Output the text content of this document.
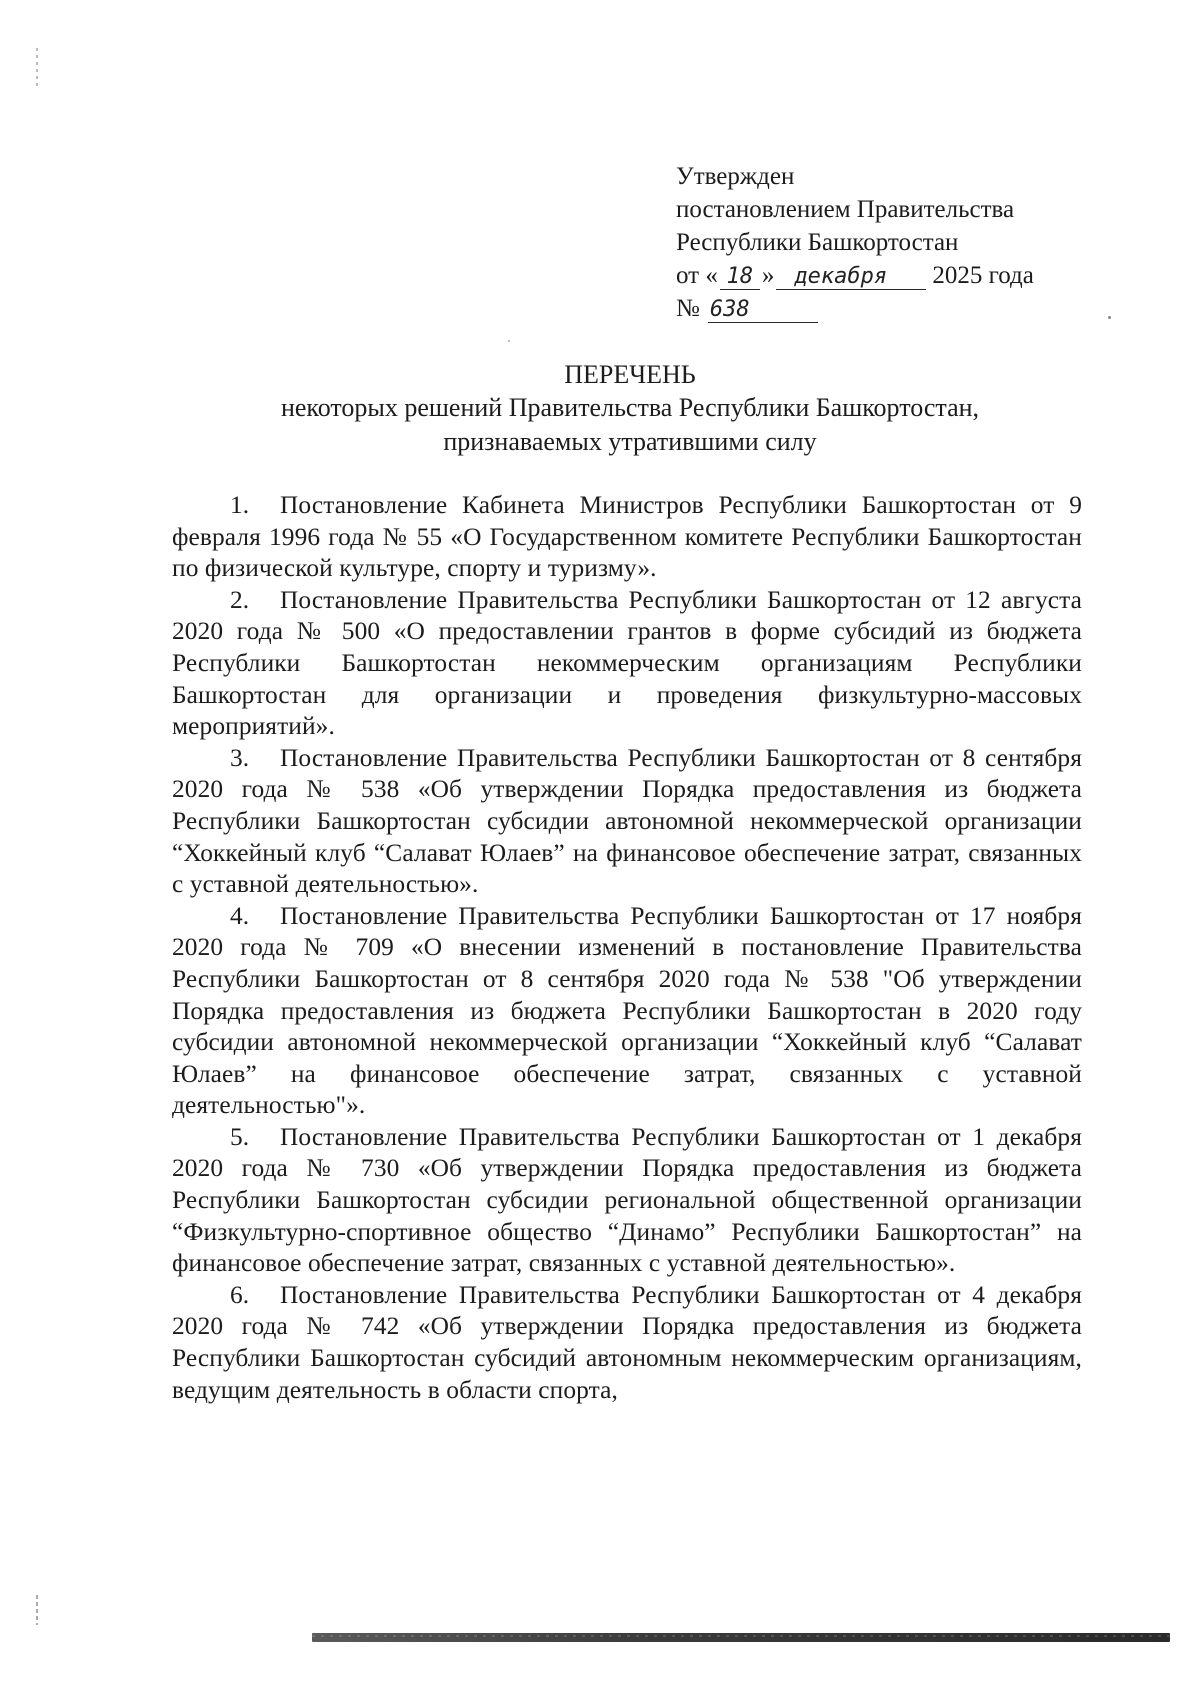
Утвержден
постановлением Правительства
Республики Башкортостан
от « 18 » декабря 2025 года
№ 638
ПЕРЕЧЕНЬ
некоторых решений Правительства Республики Башкортостан,
признаваемых утратившими силу

1. Постановление Кабинета Министров Республики Башкортостан от 9 февраля 1996 года № 55 «О Государственном комитете Республики Башкортостан по физической культуре, спорту и туризму».

2. Постановление Правительства Республики Башкортостан от 12 августа 2020 года № 500 «О предоставлении грантов в форме субсидий из бюджета Республики Башкортостан некоммерческим организациям Республики Башкортостан для организации и проведения физкультурно-массовых мероприятий».

3. Постановление Правительства Республики Башкортостан от 8 сентября 2020 года № 538 «Об утверждении Порядка предоставления из бюджета Республики Башкортостан субсидии автономной некоммерческой организации “Хоккейный клуб “Салават Юлаев” на финансовое обеспечение затрат, связанных с уставной деятельностью».

4. Постановление Правительства Республики Башкортостан от 17 ноября 2020 года № 709 «О внесении изменений в постановление Правительства Республики Башкортостан от 8 сентября 2020 года № 538 "Об утверждении Порядка предоставления из бюджета Республики Башкортостан в 2020 году субсидии автономной некоммерческой организации “Хоккейный клуб “Салават Юлаев” на финансовое обеспечение затрат, связанных с уставной деятельностью"».

5. Постановление Правительства Республики Башкортостан от 1 декабря 2020 года № 730 «Об утверждении Порядка предоставления из бюджета Республики Башкортостан субсидии региональной общественной организации “Физкультурно-спортивное общество “Динамо” Республики Башкортостан” на финансовое обеспечение затрат, связанных с уставной деятельностью».

6. Постановление Правительства Республики Башкортостан от 4 декабря 2020 года № 742 «Об утверждении Порядка предоставления из бюджета Республики Башкортостан субсидий автономным некоммерческим организациям, ведущим деятельность в области спорта,
